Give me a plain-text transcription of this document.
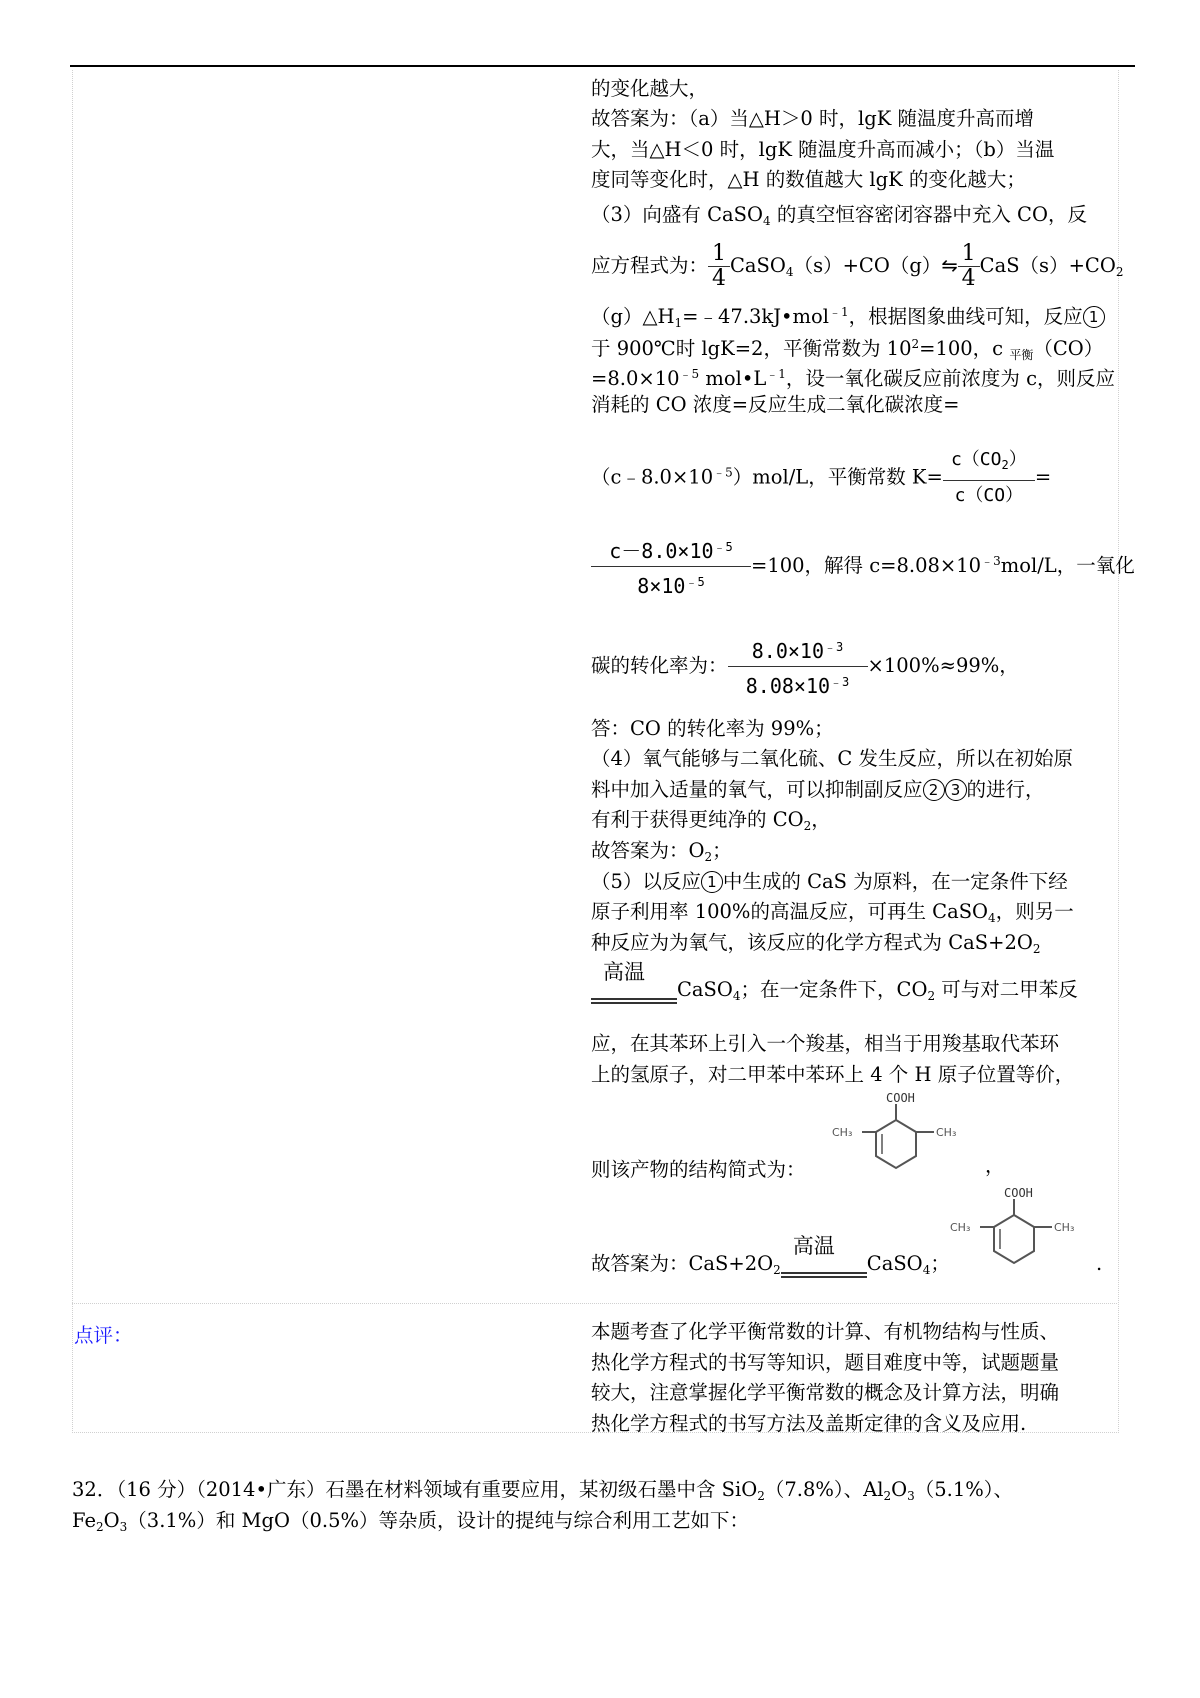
的变化越大，
故答案为：（a）当△H＞0 时，lgK 随温度升高而增
大，当△H＜0 时，lgK 随温度升高而减小；（b）当温
度同等变化时，△H 的数值越大 lgK 的变化越大；
（3）向盛有 CaSO$_4$ 的真空恒容密闭容器中充入 CO，反
应方程式为： $\frac{1}{4}$ CaSO$_4$（s）+CO（g）⇋ $\frac{1}{4} CaS(s)+CO_2$
$(g)\triangle H_1=﹣47.3kJ•mol^{﹣1}$，根据图象曲线可知，反应 1
于 900℃时 lgK=2，平衡常数为 $10^2=100$，c $_{平衡}$（CO）
$=8.0\times 10^{﹣5}$ $mol•L^{﹣1}$，设一氧化碳反应前浓度为 c，则反应
消耗的 CO 浓度=反应生成二氧化碳浓度=
$(c﹣8.0\times 10^{﹣5})mol/L$，平衡常数 $K= \frac{c(CO_2)}{c(CO)}$ =
$\frac{c-8.0\times 10^{﹣5}}{8\times 10^{﹣5}} =100$，解得 $c=8.08\times 10^{﹣3}mol/L$，一氧化
碳的转化率为： $\frac{8.0\times 10^{﹣3}}{8.08\times 10^{﹣3}} \times 100\%\approx 99\%$，
答：CO 的转化率为 99%；
（4）氧气能够与二氧化硫、C 发生反应，所以在初始原
料中加入适量的氧气，可以抑制副反应 2 3 的进行，
有利于获得更纯净的 $CO_2$，
故答案为：$O_2$；
（5）以反应 1 中生成的 CaS 为原料，在一定条件下经
原子利用率 100%的高温反应，可再生 CaSO$_4$，则另一
种反应为为氧气，该反应的化学方程式为 $CaS+2O_2$
高温
CaSO$_4$；在一定条件下，$CO_2$ 可与对二甲苯反
应，在其苯环上引入一个羧基，相当于用羧基取代苯环
上的氢原子，对二甲苯中苯环上 4 个 H 原子位置等价，
则该产物的结构简式为：
故答案为：$CaS+2O_2$
高温
CaSO$_4$；
COOH
CH₃
CH₃
，
COOH
CH₃
CH₃
.
点评：	本题考查了化学平衡常数的计算、有机物结构与性质、
热化学方程式的书写等知识，题目难度中等，试题题量
较大，注意掌握化学平衡常数的概念及计算方法，明确
热化学方程式的书写方法及盖斯定律的含义及应用.
32．（16 分）（2014•广东）石墨在材料领域有重要应用，某初级石墨中含 SiO$_2$（7.8%）、$Al_2O_3(5.1\%)$、
$Fe_2O_3(3.1\%)$和 MgO（0.5%）等杂质，设计的提纯与综合利用工艺如下：
